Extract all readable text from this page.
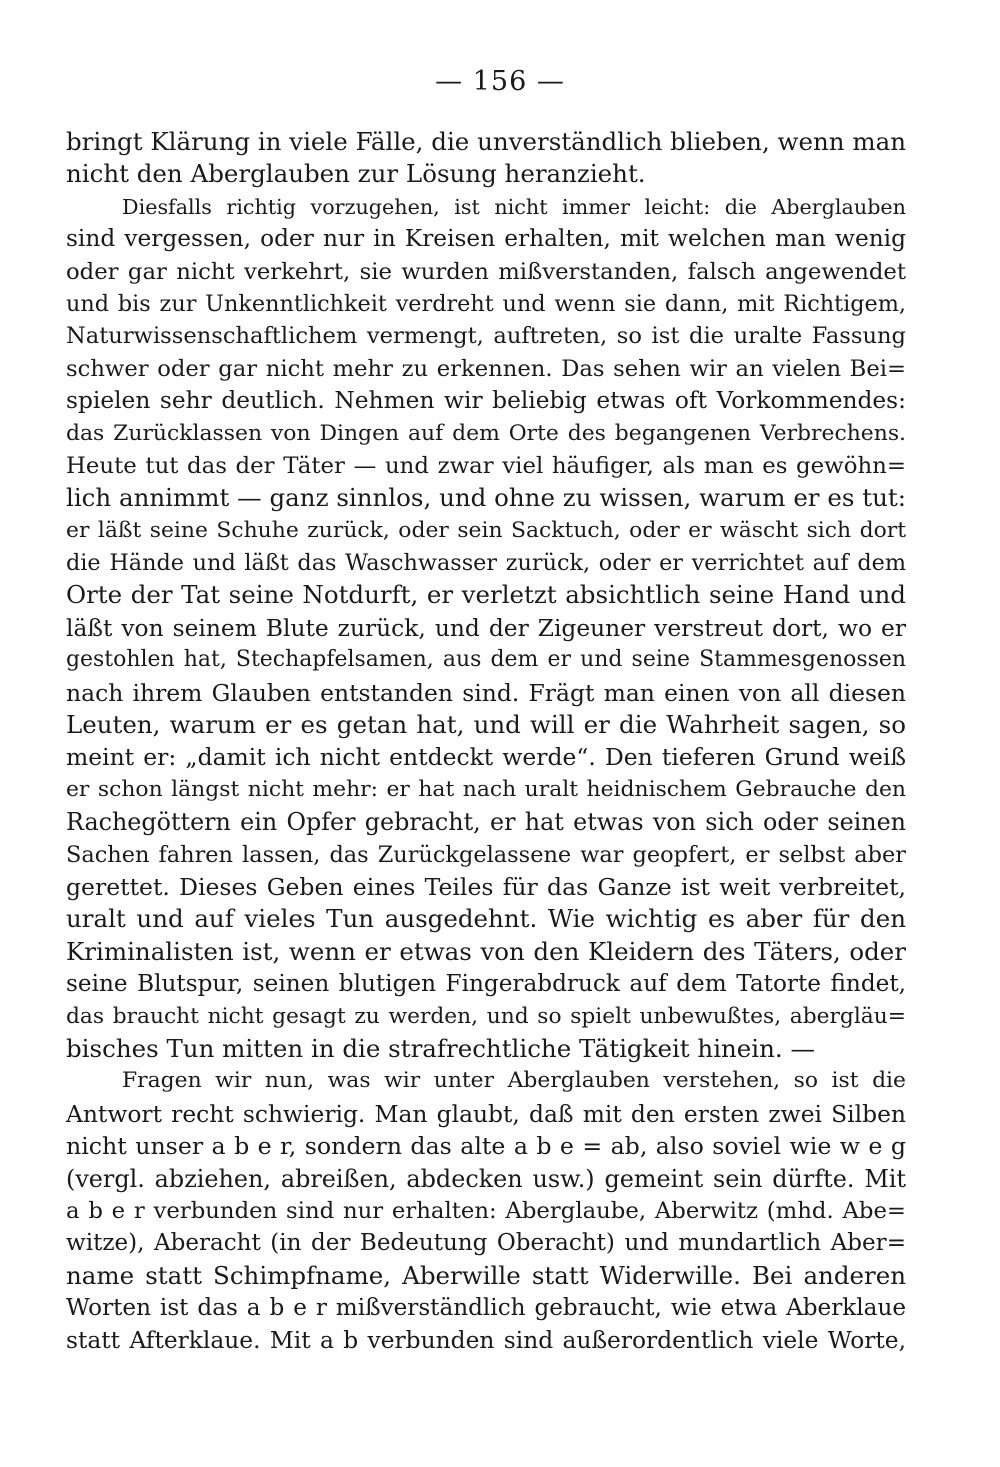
— 156 —
bringt Klärung in viele Fälle, die unverständlich blieben, wenn man
nicht den Aberglauben zur Lösung heranzieht.
Diesfalls richtig vorzugehen, ist nicht immer leicht: die Aberglauben
sind vergessen, oder nur in Kreisen erhalten, mit welchen man wenig
oder gar nicht verkehrt, sie wurden mißverstanden, falsch angewendet
und bis zur Unkenntlichkeit verdreht und wenn sie dann, mit Richtigem,
Naturwissenschaftlichem vermengt, auftreten, so ist die uralte Fassung
schwer oder gar nicht mehr zu erkennen. Das sehen wir an vielen Bei=
spielen sehr deutlich. Nehmen wir beliebig etwas oft Vorkommendes:
das Zurücklassen von Dingen auf dem Orte des begangenen Verbrechens.
Heute tut das der Täter — und zwar viel häufiger, als man es gewöhn=
lich annimmt — ganz sinnlos, und ohne zu wissen, warum er es tut:
er läßt seine Schuhe zurück, oder sein Sacktuch, oder er wäscht sich dort
die Hände und läßt das Waschwasser zurück, oder er verrichtet auf dem
Orte der Tat seine Notdurft, er verletzt absichtlich seine Hand und
läßt von seinem Blute zurück, und der Zigeuner verstreut dort, wo er
gestohlen hat, Stechapfelsamen, aus dem er und seine Stammesgenossen
nach ihrem Glauben entstanden sind. Frägt man einen von all diesen
Leuten, warum er es getan hat, und will er die Wahrheit sagen, so
meint er: „damit ich nicht entdeckt werde“. Den tieferen Grund weiß
er schon längst nicht mehr: er hat nach uralt heidnischem Gebrauche den
Rachegöttern ein Opfer gebracht, er hat etwas von sich oder seinen
Sachen fahren lassen, das Zurückgelassene war geopfert, er selbst aber
gerettet. Dieses Geben eines Teiles für das Ganze ist weit verbreitet,
uralt und auf vieles Tun ausgedehnt. Wie wichtig es aber für den
Kriminalisten ist, wenn er etwas von den Kleidern des Täters, oder
seine Blutspur, seinen blutigen Fingerabdruck auf dem Tatorte findet,
das braucht nicht gesagt zu werden, und so spielt unbewußtes, abergläu=
bisches Tun mitten in die strafrechtliche Tätigkeit hinein. —
Fragen wir nun, was wir unter Aberglauben verstehen, so ist die
Antwort recht schwierig. Man glaubt, daß mit den ersten zwei Silben
nicht unser a b e r, sondern das alte a b e = ab, also soviel wie w e g
(vergl. abziehen, abreißen, abdecken usw.) gemeint sein dürfte. Mit
a b e r verbunden sind nur erhalten: Aberglaube, Aberwitz (mhd. Abe=
witze), Aberacht (in der Bedeutung Oberacht) und mundartlich Aber=
name statt Schimpfname, Aberwille statt Widerwille. Bei anderen
Worten ist das a b e r mißverständlich gebraucht, wie etwa Aberklaue
statt Afterklaue. Mit a b verbunden sind außerordentlich viele Worte,
